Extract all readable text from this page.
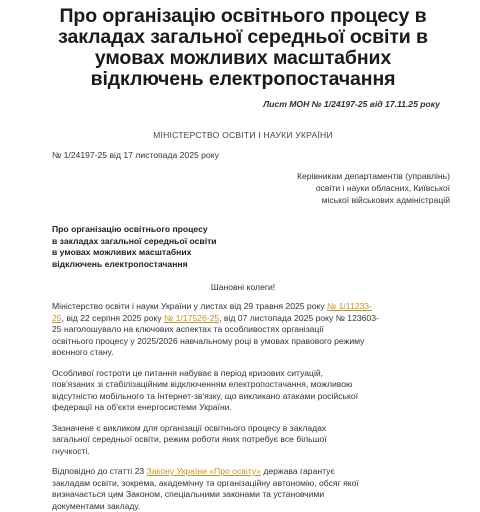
Про організацію освітнього процесу в
закладах загальної середньої освіти в
умовах можливих масштабних
відключень електропостачання
Лист МОН № 1/24197-25 від 17.11.25 року
МІНІСТЕРСТВО ОСВІТИ І НАУКИ УКРАЇНИ
№ 1/24197-25 від 17 листопада 2025 року
Керівникам департаментів (управлінь)
освіти і науки обласних, Київської
міської військових адміністрацій
Про організацію освітнього процесу
в закладах загальної середньої освіти
в умовах можливих масштабних
відключень електропостачання
Шановні колеги!
Міністерство освіти і науки України у листах від 29 травня 2025 року № 1/11233-
25, від 22 серпня 2025 року № 1/17526-25, від 07 листопада 2025 року № 123603-
25 наголошувало на ключових аспектах та особливостях організації
освітнього процесу у 2025/2026 навчальному році в умовах правового режиму
воєнного стану.
Особливої гостроти це питання набуває в період кризових ситуацій,
пов'язаних зі стабілізаційним відключенням електропостачання, можливою
відсутністю мобільного та Інтернет-зв'язку, що викликано атаками російської
федерації на об'єкти енергосистеми України.
Зазначене є викликом для організації освітнього процесу в закладах
загальної середньої освіти, режим роботи яких потребує все більшої
гнучкості.
Відповідно до статті 23 Закону України «Про освіту» держава гарантує
закладам освіти, зокрема, академічну та організаційну автономію, обсяг якої
визначається цим Законом, спеціальними законами та установчими
документами закладу.
